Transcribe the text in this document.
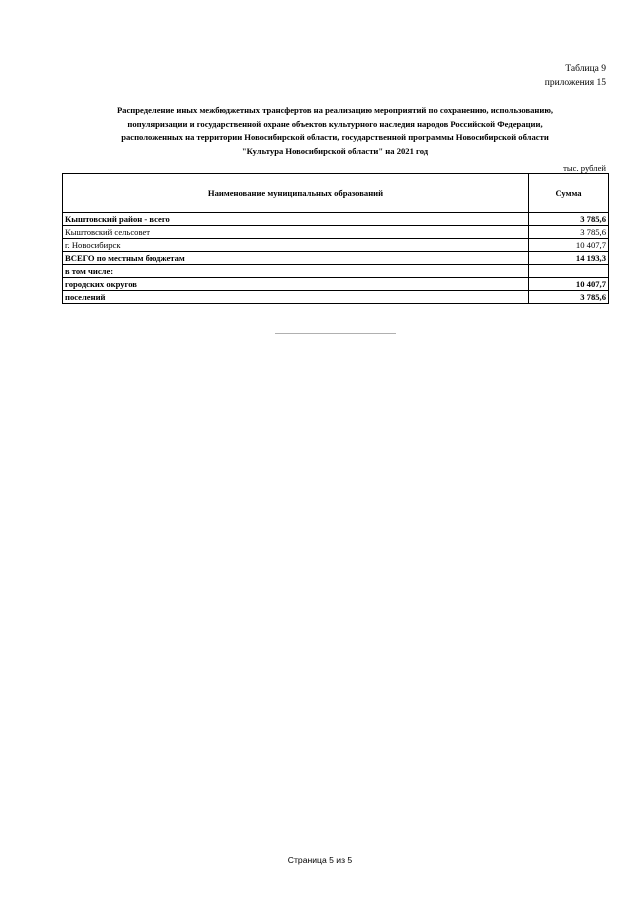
Таблица 9
приложения 15
Распределение иных межбюджетных трансфертов на реализацию мероприятий по сохранению, использованию,
популяризации и государственной охране объектов культурного наследия народов Российской Федерации,
расположенных на территории Новосибирской области, государственной программы Новосибирской области
"Культура Новосибирской области" на 2021 год
тыс. рублей
Наименование муниципальных образований	Сумма
Кыштовский район - всего	3 785,6
Кыштовский сельсовет	3 785,6
г. Новосибирск	10 407,7
ВСЕГО по местным бюджетам	14 193,3
в том числе:	
городских округов	10 407,7
поселений	3 785,6
Страница 5 из 5
